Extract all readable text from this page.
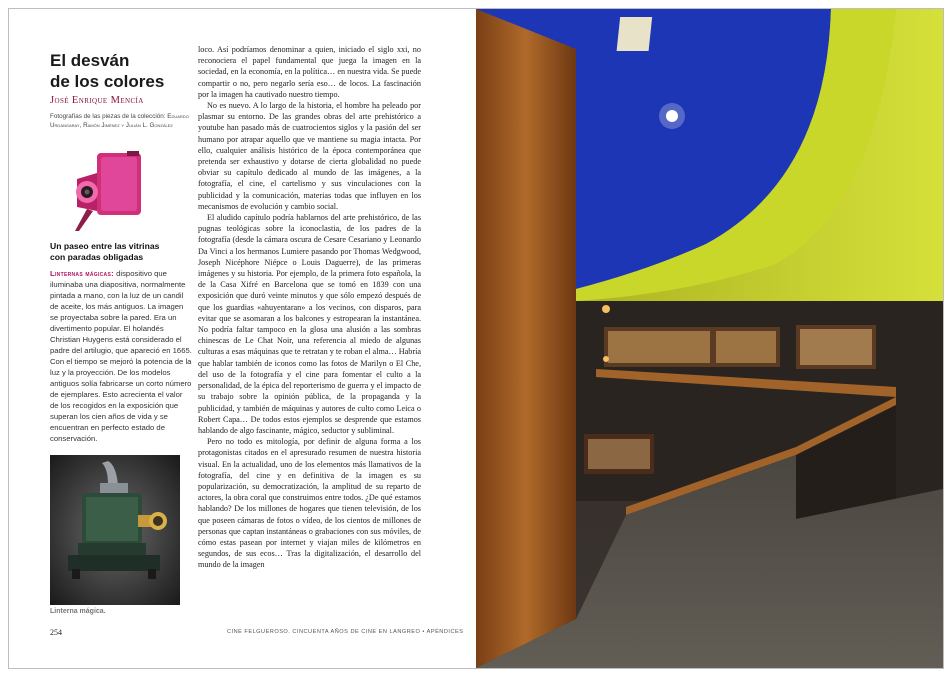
El desván
de los colores
José Enrique Mencía
Fotografías de las piezas de la colección: Eduardo Urdangaray, Ramón Jiménez y Julián L. González
Un paseo entre las vitrinas
con paradas obligadas

Linternas mágicas: dispositivo que iluminaba una diapositiva, normalmente pintada a mano, con la luz de un candil de aceite, los más antiguos. La imagen se proyectaba sobre la pared. Era un divertimento popular. El holandés Christian Huygens está considerado el padre del artilugio, que apareció en 1665. Con el tiempo se mejoró la potencia de la luz y la proyección. De los modelos antiguos solía fabricarse un corto número de ejemplares. Esto acrecienta el valor de los recogidos en la exposición que superan los cien años de vida y se encuentran en perfecto estado de conservación.

Linterna mágica.

loco. Así podríamos denominar a quien, iniciado el siglo xxi, no reconociera el papel fundamental que juega la imagen en la sociedad, en la economía, en la política… en nuestra vida. Se puede compartir o no, pero negarlo sería eso… de locos. La fascinación por la imagen ha cautivado nuestro tiempo.

No es nuevo. A lo largo de la historia, el hombre ha peleado por plasmar su entorno. De las grandes obras del arte prehistórico a youtube han pasado más de cuatrocientos siglos y la pasión del ser humano por atrapar aquello que ve mantiene su magia intacta. Por ello, cualquier análisis histórico de la época contemporánea que pretenda ser exhaustivo y dotarse de cierta globalidad no puede obviar su capítulo dedicado al mundo de las imágenes, a la fotografía, el cine, el cartelismo y sus vinculaciones con la publicidad y la comunicación, materias todas que influyen en los mecanismos de evolución y cambio social.

El aludido capítulo podría hablarnos del arte prehistórico, de las pugnas teológicas sobre la iconoclastia, de los padres de la fotografía (desde la cámara oscura de Cesare Cesariano y Leonardo Da Vinci a los hermanos Lumiere pasando por Thomas Wedgwood, Joseph Nicéphore Niépce o Louis Daguerre), de las primeras imágenes y su historia. Por ejemplo, de la primera foto española, la de la Casa Xifré en Barcelona que se tomó en 1839 con una exposición que duró veinte minutos y que sólo empezó después de que los guardias «ahuyentaran» a los vecinos, con disparos, para evitar que se asomaran a los balcones y estropearan la instantánea. No podría faltar tampoco en la glosa una alusión a las sombras chinescas de Le Chat Noir, una referencia al miedo de algunas culturas a esas máquinas que te retratan y te roban el alma… Habría que hablar también de iconos como las fotos de Marilyn o El Che, del uso de la fotografía y el cine para fomentar el culto a la personalidad, de la épica del reporterismo de guerra y el impacto de su trabajo sobre la opinión pública, de la propaganda y la publicidad, y también de máquinas y autores de culto como Leica o Robert Capa… De todos estos ejemplos se desprende que estamos hablando de algo fascinante, mágico, seductor y subliminal.

Pero no todo es mitología, por definir de alguna forma a los protagonistas citados en el apresurado resumen de nuestra historia visual. En la actualidad, uno de los elementos más llamativos de la fotografía, del cine y en definitiva de la imagen es su popularización, su democratización, la amplitud de su reparto de actores, la obra coral que construimos entre todos. ¿De qué estamos hablando? De los millones de hogares que tienen televisión, de los que poseen cámaras de fotos o vídeo, de los cientos de millones de personas que captan instantáneas o grabaciones con sus móviles, de cómo estas pasean por internet y viajan miles de kilómetros en segundos, de sus ecos… Tras la digitalización, el desarrollo del mundo de la imagen

254	CINE FELGUEROSO. CINCUENTA AÑOS DE CINE EN LANGREO • APÉNDICES
